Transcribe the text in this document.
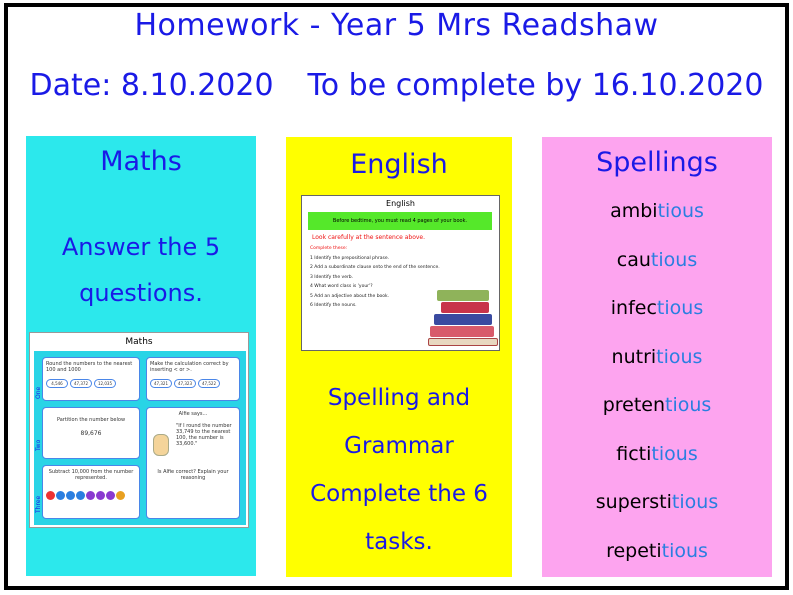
Homework - Year 5 Mrs Readshaw
Date: 8.10.2020 To be complete by 16.10.2020
Maths
Answer the 5
questions.
Maths
Round the numbers to the nearest 100 and 1000
4,546	47,372	12,035
Make the calculation correct by inserting < or >.
47,321	47,323	47,522
Partition the number below
89,676
Alfie says...
"If I round the number 33,749 to the nearest 100, the number is 33,600."
Is Alfie correct? Explain your reasoning
Subtract 10,000 from the number represented.
One
Two
Three
English
English
Before bedtime, you must read 4 pages of your book.
Look carefully at the sentence above.
Complete these:
1 Identify the prepositional phrase.
2 Add a subordinate clause onto the end of the sentence.
3 Identify the verb.
4 What word class is 'your'?
5 Add an adjective about the book.
6 Identify the nouns.
Spelling and
Grammar
Complete the 6
tasks.
Spellings
ambitious
cautious
infectious
nutritious
pretentious
fictitious
superstitious
repetitious
